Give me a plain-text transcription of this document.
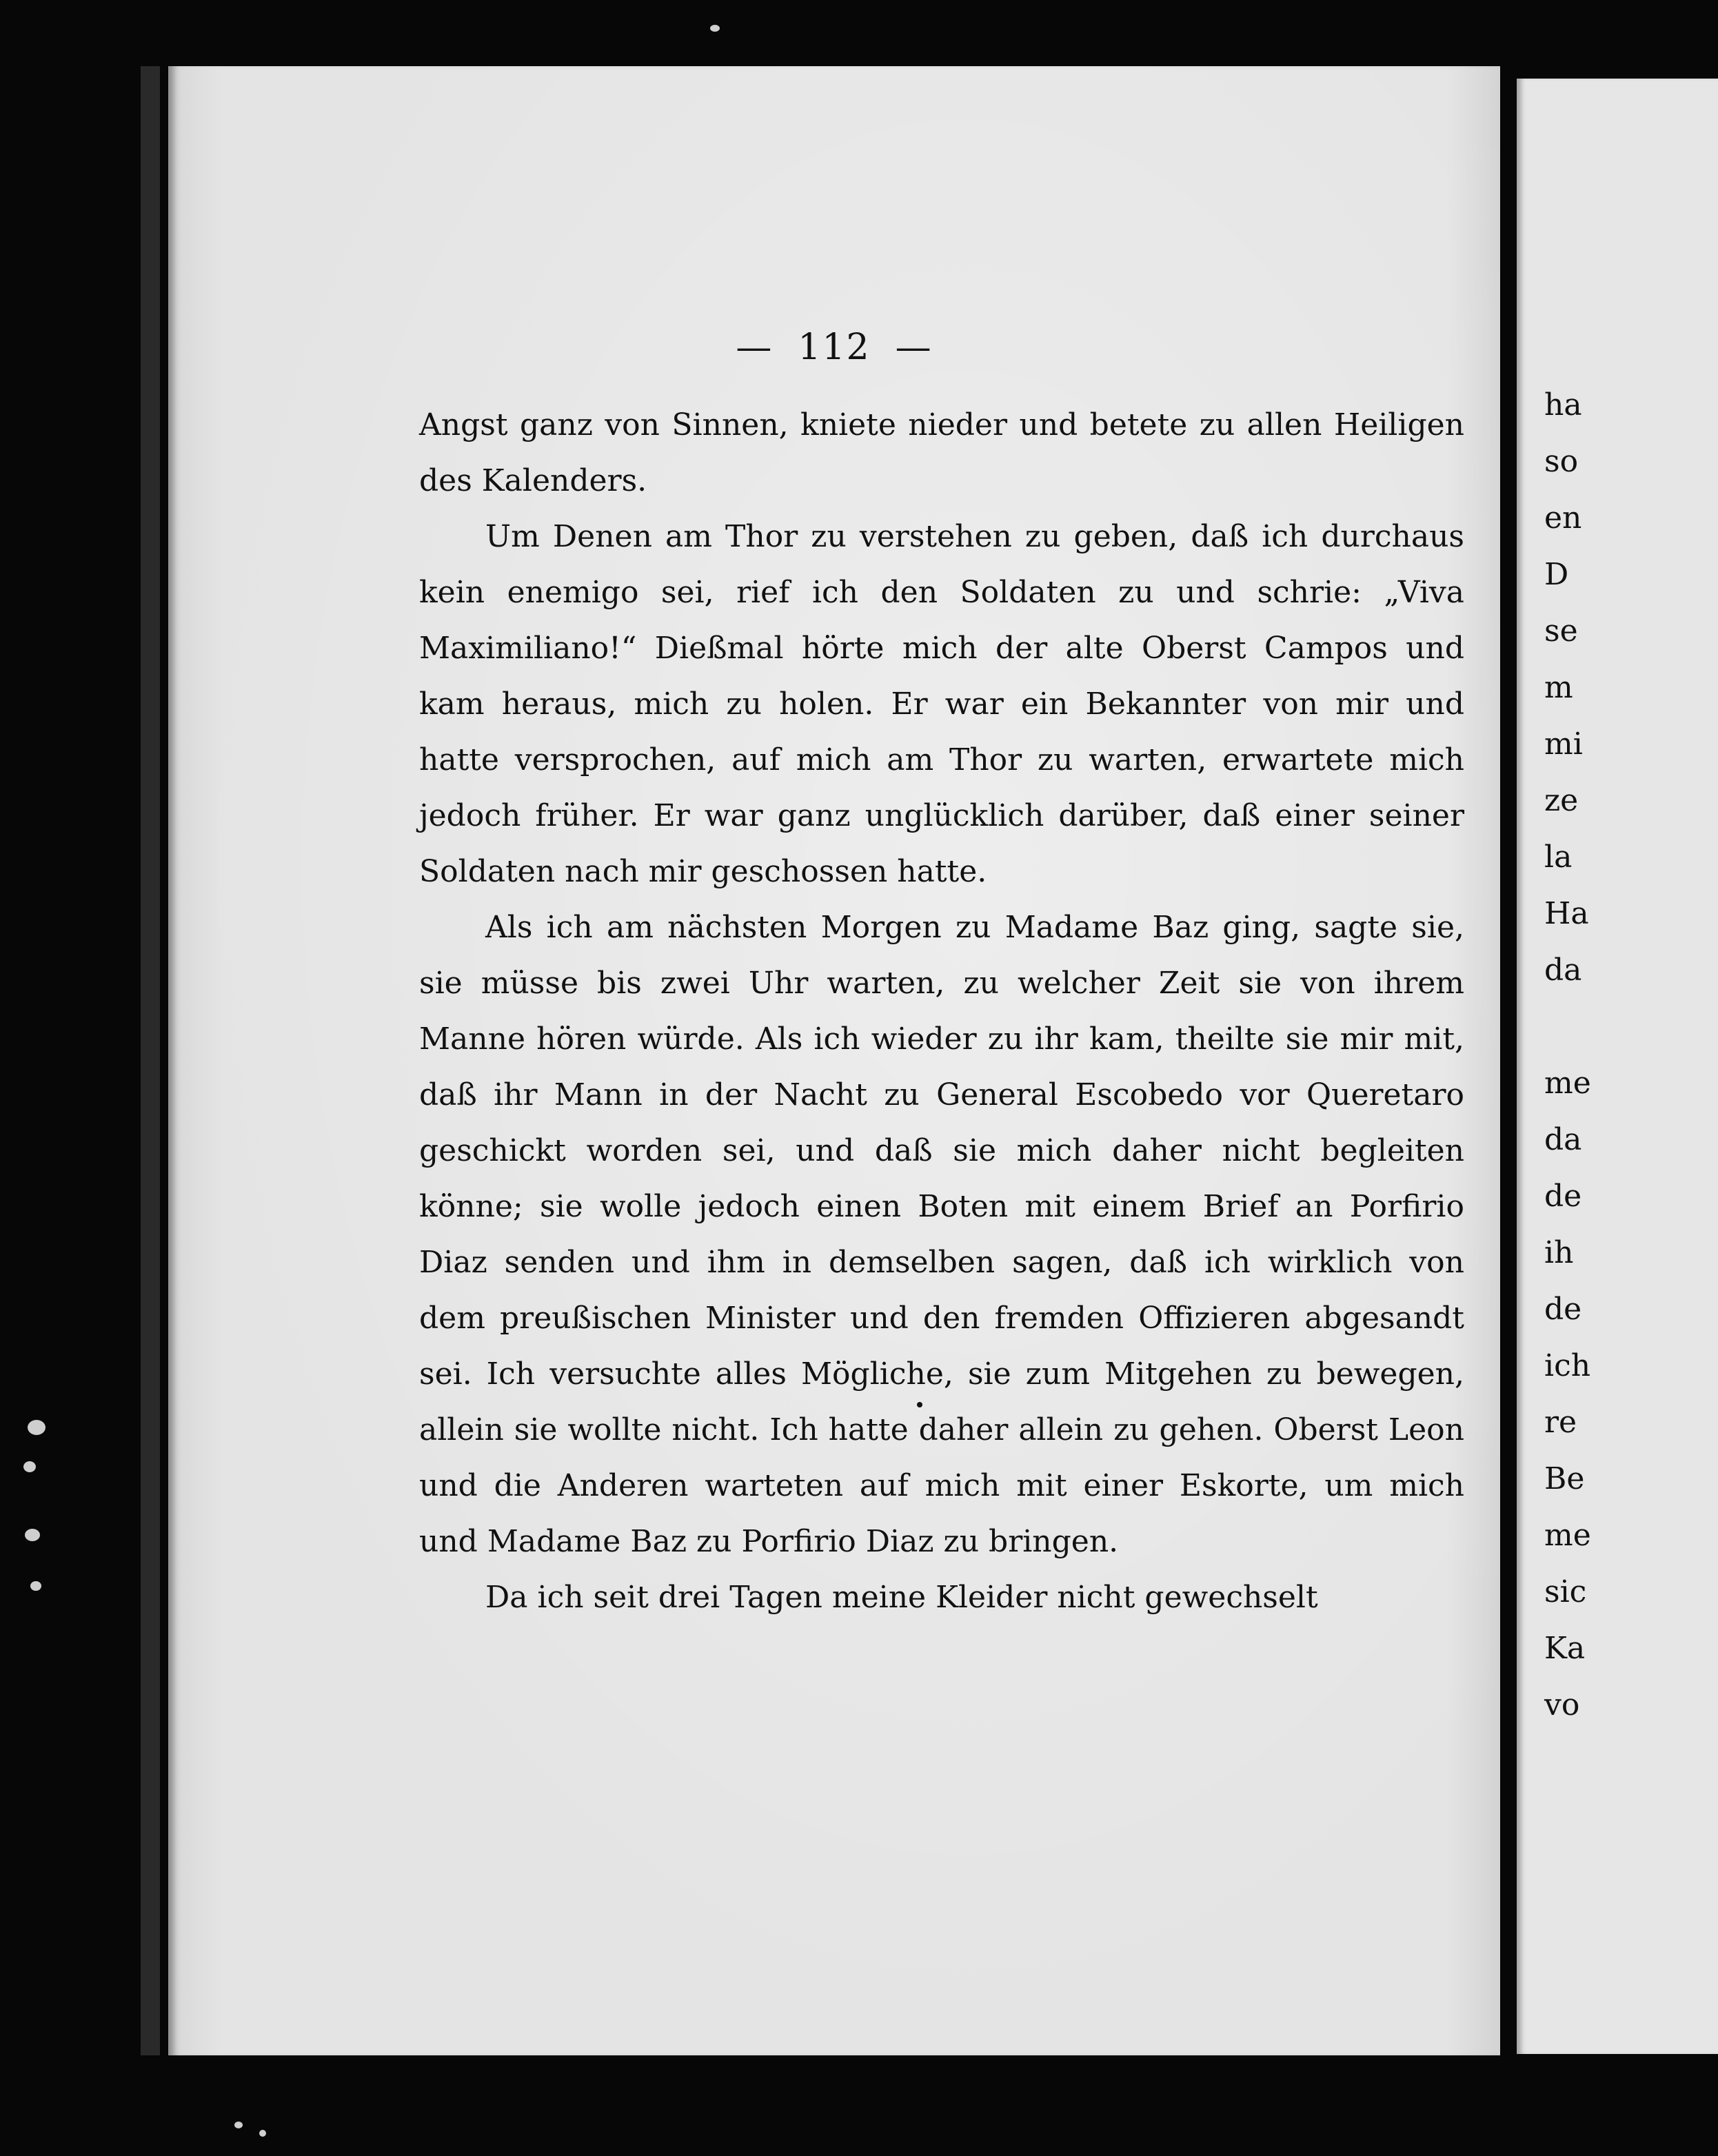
— 112 —

Angst ganz von Sinnen, kniete nieder und betete zu allen Heiligen des Kalenders.

Um Denen am Thor zu verstehen zu geben, daß ich durchaus kein enemigo sei, rief ich den Soldaten zu und schrie: „Viva Maximiliano!“ Dießmal hörte mich der alte Oberst Campos und kam heraus, mich zu holen. Er war ein Bekannter von mir und hatte versprochen, auf mich am Thor zu warten, erwartete mich jedoch früher. Er war ganz unglücklich darüber, daß einer seiner Soldaten nach mir geschossen hatte.

Als ich am nächsten Morgen zu Madame Baz ging, sagte sie, sie müsse bis zwei Uhr warten, zu welcher Zeit sie von ihrem Manne hören würde. Als ich wieder zu ihr kam, theilte sie mir mit, daß ihr Mann in der Nacht zu General Escobedo vor Queretaro geschickt worden sei, und daß sie mich daher nicht begleiten könne; sie wolle jedoch einen Boten mit einem Brief an Porfirio Diaz senden und ihm in demselben sagen, daß ich wirklich von dem preußischen Minister und den fremden Offizieren abgesandt sei. Ich versuchte alles Mögliche, sie zum Mitgehen zu bewegen, allein sie wollte nicht. Ich hatte daher allein zu gehen. Oberst Leon und die Anderen warteten auf mich mit einer Eskorte, um mich und Madame Baz zu Porfirio Diaz zu bringen.

Da ich seit drei Tagen meine Kleider nicht gewechselt

ha
so
en
D
se
m
mi
ze
la
Ha
da
me
da
de
ih
de
ich
re
Be
me
sic
Ka
vo
